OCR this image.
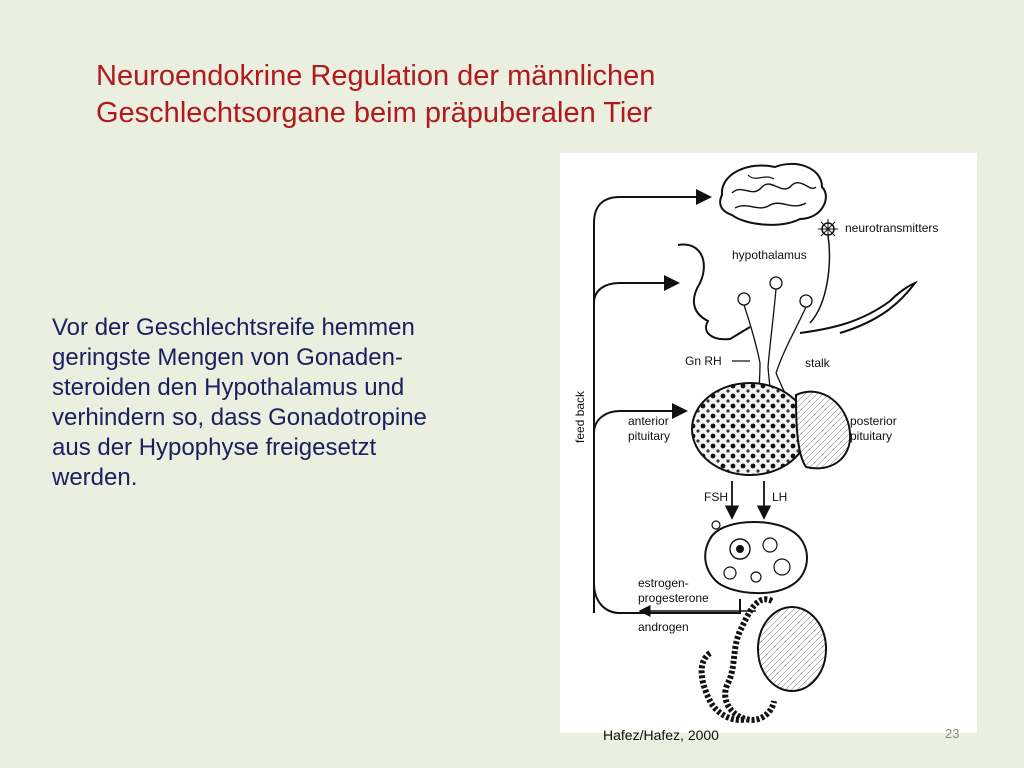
Neuroendokrine Regulation der männlichen
Geschlechtsorgane beim präpuberalen Tier
Vor der Geschlechtsreife hemmen
geringste Mengen von Gonaden-
steroiden den Hypothalamus und
verhindern so, dass Gonadotropine
aus der Hypophyse freigesetzt
werden.
neurotransmitters
hypothalamus
Gn RH	stalk
anterior
pituitary
posterior
pituitary
FSH	LH
estrogen-
progesterone
androgen
feed back
Hafez/Hafez, 2000	23
